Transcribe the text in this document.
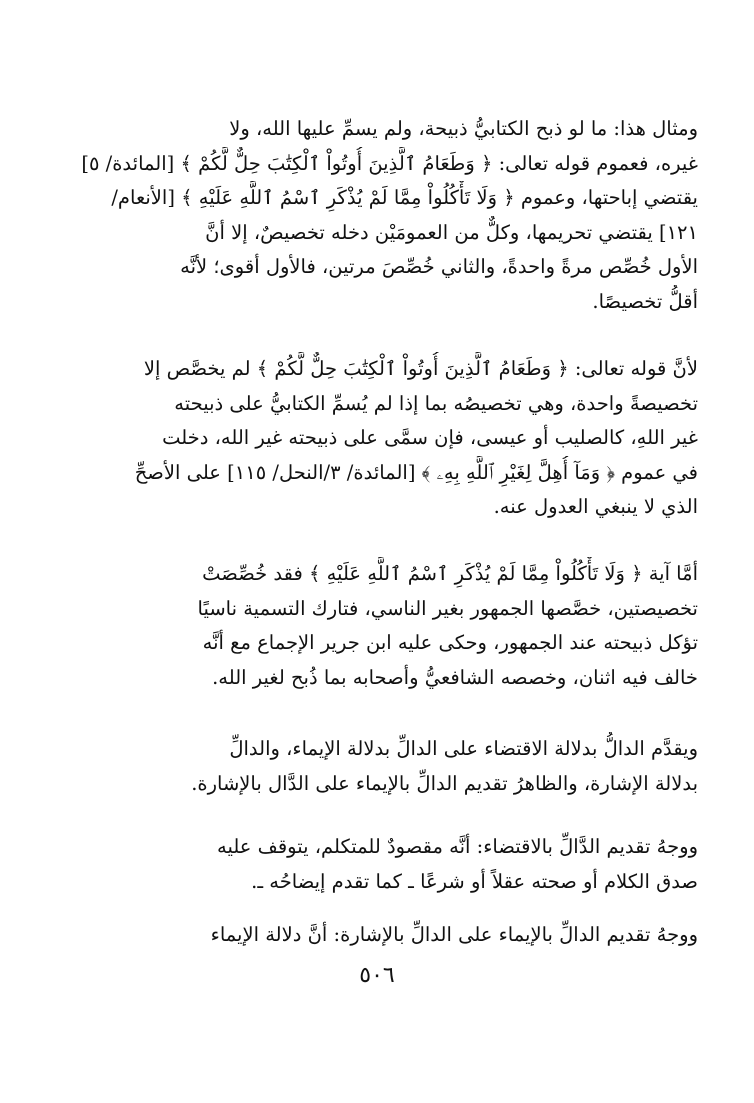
ومثال هذا: ما لو ذبح الكتابيُّ ذبيحة، ولم يسمِّ عليها الله، ولا
غيره، فعموم قوله تعالى: ﴿ وَطَعَامُ ٱلَّذِينَ أُوتُواْ ٱلْكِتَٰبَ حِلٌّ لَّكُمْ ﴾ [المائدة/ ٥]
يقتضي إباحتها، وعموم ﴿ وَلَا تَأْكُلُواْ مِمَّا لَمْ يُذْكَرِ ٱسْمُ ٱللَّهِ عَلَيْهِ ﴾ [الأنعام/
١٢١] يقتضي تحريمها، وكلٌّ من العمومَيْن دخله تخصيصٌ، إلا أنَّ
الأول خُصِّص مرةً واحدةً، والثاني خُصِّصَ مرتين، فالأول أقوى؛ لأنَّه
أقلُّ تخصيصًا.
لأنَّ قوله تعالى: ﴿ وَطَعَامُ ٱلَّذِينَ أُوتُواْ ٱلْكِتَٰبَ حِلٌّ لَّكُمْ ﴾ لم يخصَّص إلا
تخصيصةً واحدة، وهي تخصيصُه بما إذا لم يُسمِّ الكتابيُّ على ذبيحته
غير اللهِ، كالصليب أو عيسى، فإن سمَّى على ذبيحته غير الله، دخلت
في عموم ﴿ وَمَآ أُهِلَّ لِغَيْرِ ٱللَّهِ بِهِۦ ﴾ [المائدة/ ٣/النحل/ ١١٥] على الأصحِّ
الذي لا ينبغي العدول عنه.
أمَّا آية ﴿ وَلَا تَأْكُلُواْ مِمَّا لَمْ يُذْكَرِ ٱسْمُ ٱللَّهِ عَلَيْهِ ﴾ فقد خُصِّصَتْ
تخصيصتين، خصَّصها الجمهور بغير الناسي، فتارك التسمية ناسيًا
تؤكل ذبيحته عند الجمهور، وحكى عليه ابن جرير الإجماع مع أنَّه
خالف فيه اثنان، وخصصه الشافعيُّ وأصحابه بما ذُبح لغير الله.
ويقدَّم الدالُّ بدلالة الاقتضاء على الدالِّ بدلالة الإيماء، والدالِّ
بدلالة الإشارة، والظاهرُ تقديم الدالِّ بالإيماء على الدَّال بالإشارة.
ووجهُ تقديم الدَّالِّ بالاقتضاء: أنَّه مقصودٌ للمتكلم، يتوقف عليه
صدق الكلام أو صحته عقلاً أو شرعًا ـ كما تقدم إيضاحُه ـ.
ووجهُ تقديم الدالِّ بالإيماء على الدالِّ بالإشارة: أنَّ دلالة الإيماء
٥٠٦
